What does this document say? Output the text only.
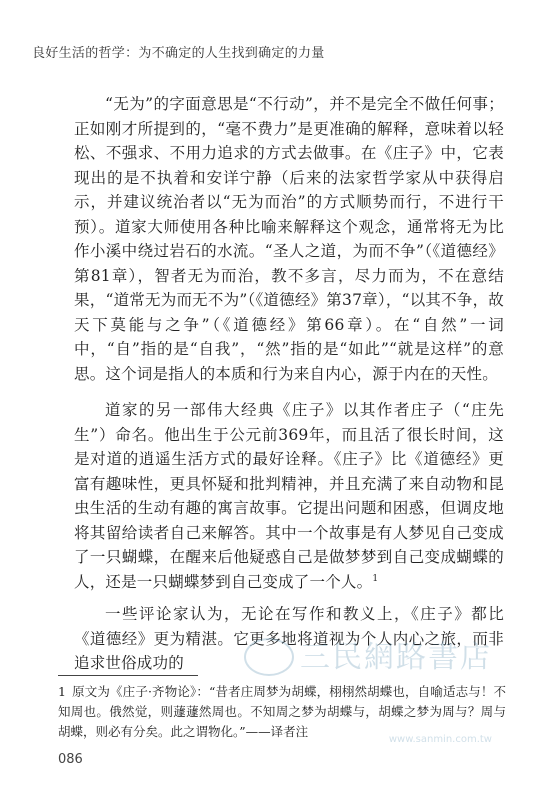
良好生活的哲学：为不确定的人生找到确定的力量

“无为”的字面意思是“不行动”，并不是完全不做任何事；正如刚才所提到的，“毫不费力”是更准确的解释，意味着以轻松、不强求、不用力追求的方式去做事。在《庄子》中，它表现出的是不执着和安详宁静（后来的法家哲学家从中获得启示，并建议统治者以“无为而治”的方式顺势而行，不进行干预）。道家大师使用各种比喻来解释这个观念，通常将无为比作小溪中绕过岩石的水流。“圣人之道，为而不争”（《道德经》第81章），智者无为而治，教不多言，尽力而为，不在意结果，“道常无为而无不为”（《道德经》第37章），“以其不争，故天下莫能与之争”（《道德经》第66章）。在“自然”一词中，“自”指的是“自我”，“然”指的是“如此”“就是这样”的意思。这个词是指人的本质和行为来自内心，源于内在的天性。

道家的另一部伟大经典《庄子》以其作者庄子（“庄先生”）命名。他出生于公元前369年，而且活了很长时间，这是对道的逍遥生活方式的最好诠释。《庄子》比《道德经》更富有趣味性，更具怀疑和批判精神，并且充满了来自动物和昆虫生活的生动有趣的寓言故事。它提出问题和困惑，但调皮地将其留给读者自己来解答。其中一个故事是有人梦见自己变成了一只蝴蝶，在醒来后他疑惑自己是做梦梦到自己变成蝴蝶的人，还是一只蝴蝶梦到自己变成了一个人。$^1$

一些评论家认为，无论在写作和教义上，《庄子》都比《道德经》更为精湛。它更多地将道视为个人内心之旅，而非追求世俗成功的	三民網路書店
www.sanmin.com.tw
1 原文为《庄子·齐物论》：“昔者庄周梦为胡蝶，栩栩然胡蝶也，自喻适志与！不知周也。俄然觉，则蘧蘧然周也。不知周之梦为胡蝶与，胡蝶之梦为周与？周与胡蝶，则必有分矣。此之谓物化。”——译者注
086
